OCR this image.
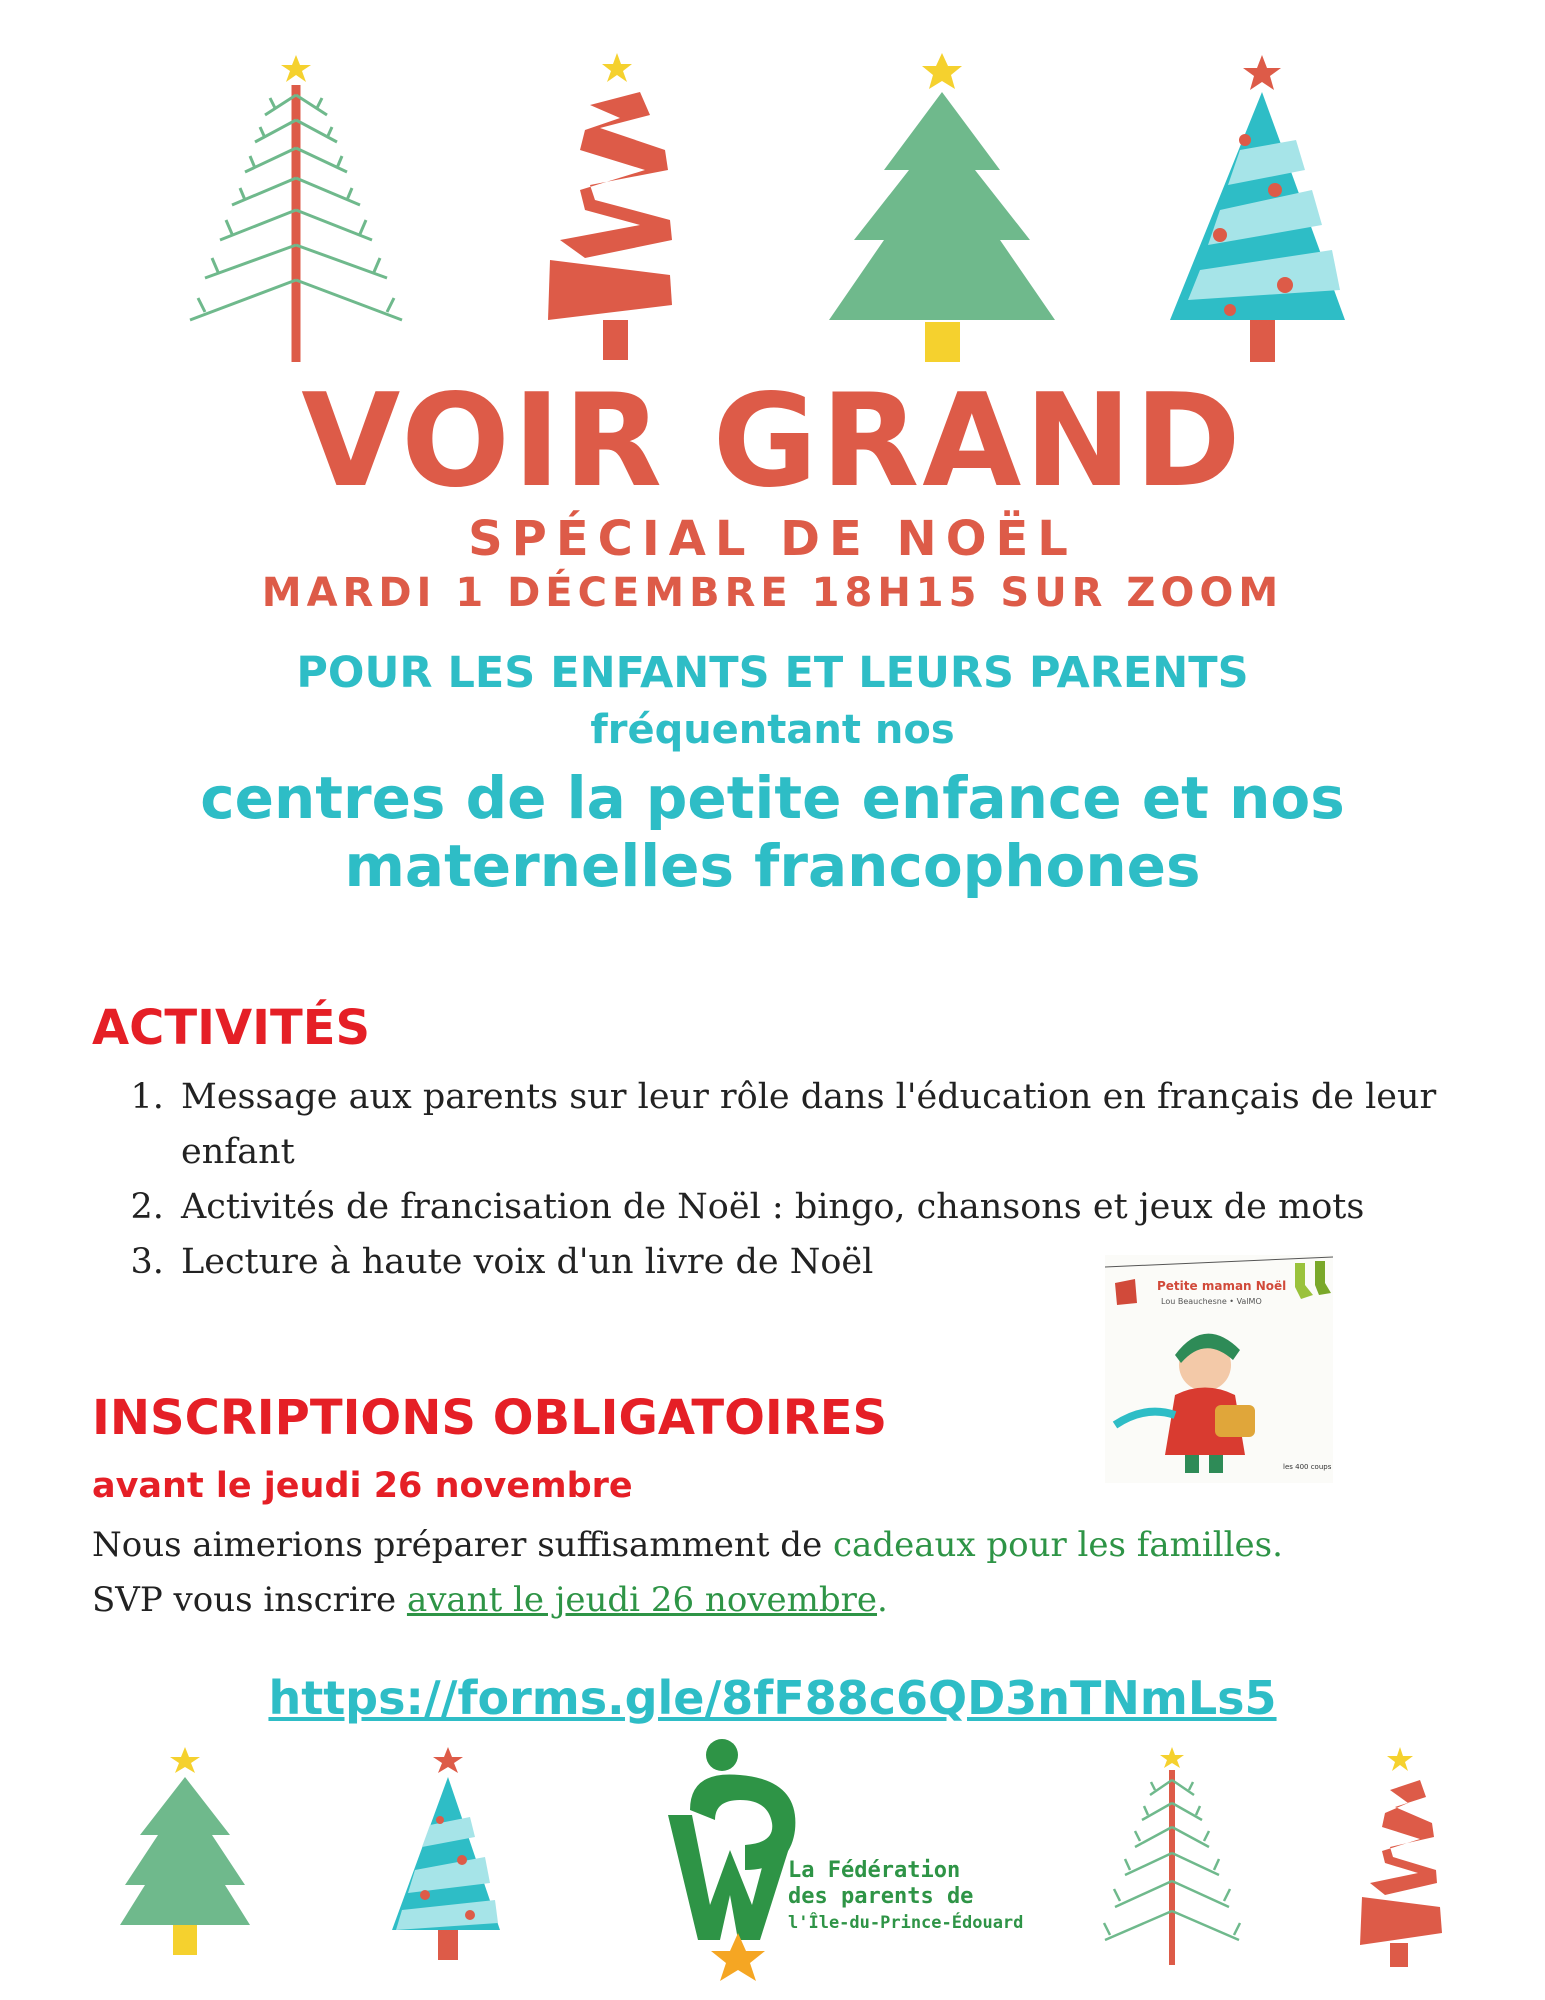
VOIR GRAND
SPÉCIAL DE NOËL
MARDI 1 DÉCEMBRE 18H15 SUR ZOOM
POUR LES ENFANTS ET LEURS PARENTS
fréquentant nos
centres de la petite enfance et nos
maternelles francophones
ACTIVITÉS
1. Message aux parents sur leur rôle dans l'éducation en français de leur enfant
2. Activités de francisation de Noël : bingo, chansons et jeux de mots
3. Lecture à haute voix d'un livre de Noël
Petite maman Noël
Lou Beauchesne • ValMO
les 400 coups
INSCRIPTIONS OBLIGATOIRES
avant le jeudi 26 novembre
Nous aimerions préparer suffisamment de cadeaux pour les familles.
SVP vous inscrire avant le jeudi 26 novembre.
https://forms.gle/8fF88c6QD3nTNmLs5
La Fédération
des parents de
l'Île-du-Prince-Édouard
